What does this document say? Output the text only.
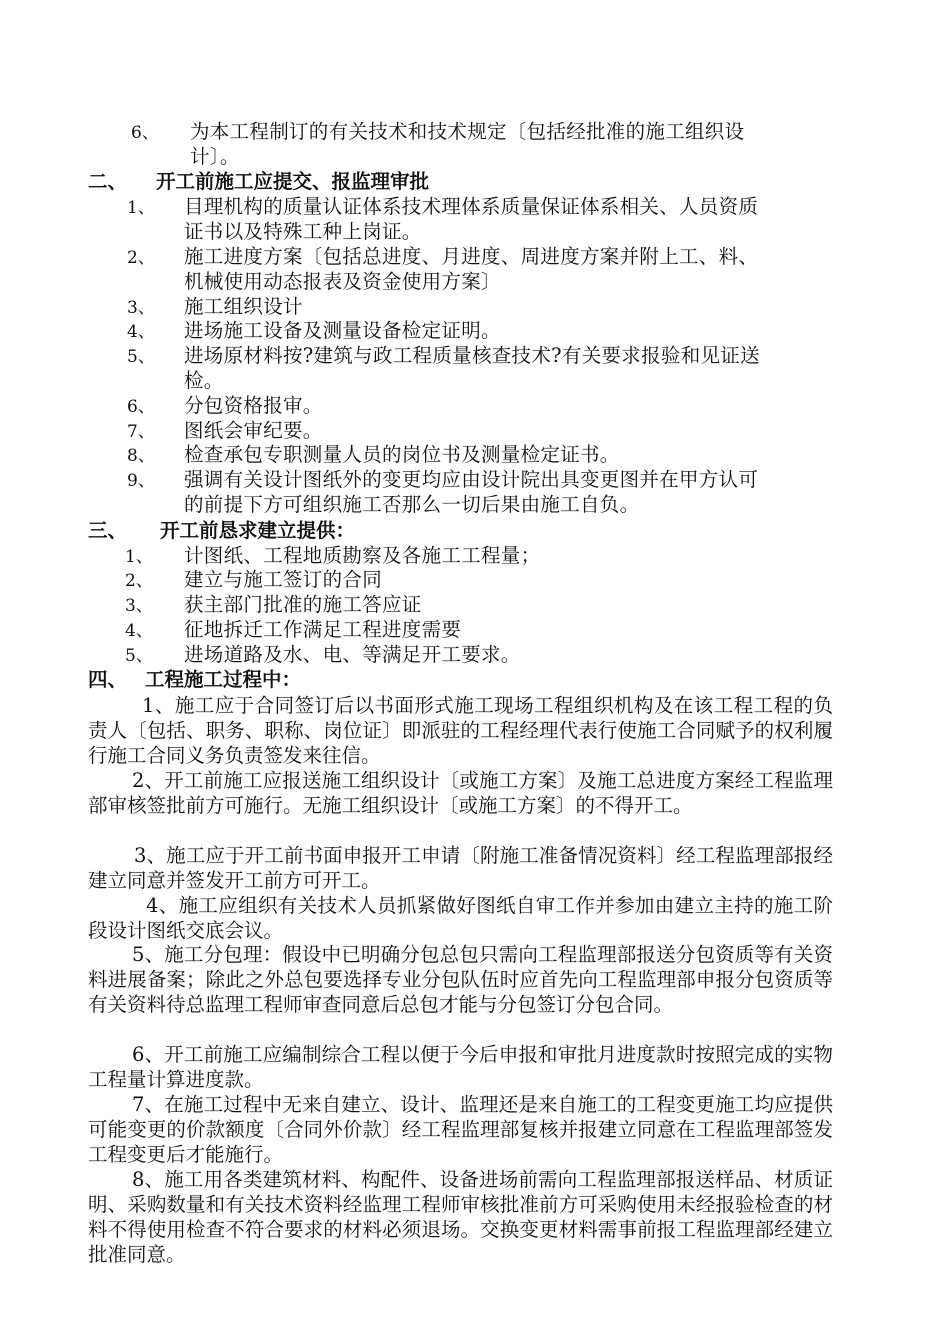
6、 为本工程制订的有关技术和技术规定〔包括经批准的施工组织设
计〕。
二、 开工前施工应提交、报监理审批
1、 目理机构的质量认证体系技术理体系质量保证体系相关、人员资质
证书以及特殊工种上岗证。
2、 施工进度方案〔包括总进度、月进度、周进度方案并附上工、料、
机械使用动态报表及资金使用方案〕
3、 施工组织设计
4、 进场施工设备及测量设备检定证明。
5、 进场原材料按?建筑与政工程质量核查技术?有关要求报验和见证送
检。
6、 分包资格报审。
7、 图纸会审纪要。
8、 检查承包专职测量人员的岗位书及测量检定证书。
9、 强调有关设计图纸外的变更均应由设计院出具变更图并在甲方认可
的前提下方可组织施工否那么一切后果由施工自负。
三、 开工前恳求建立提供：
1、 计图纸、工程地质勘察及各施工工程量；
2、 建立与施工签订的合同
3、 获主部门批准的施工答应证
4、 征地拆迁工作满足工程进度需要
5、 进场道路及水、电、等满足开工要求。
四、 工程施工过程中：
1、施工应于合同签订后以书面形式施工现场工程组织机构及在该工程工程的负责人〔包括、职务、职称、岗位证〕即派驻的工程经理代表行使施工合同赋予的权利履行施工合同义务负责签发来往信。
2、开工前施工应报送施工组织设计〔或施工方案〕及施工总进度方案经工程监理部审核签批前方可施行。无施工组织设计〔或施工方案〕的不得开工。
3、施工应于开工前书面申报开工申请〔附施工准备情况资料〕经工程监理部报经建立同意并签发开工前方可开工。
4、施工应组织有关技术人员抓紧做好图纸自审工作并参加由建立主持的施工阶段设计图纸交底会议。
5、施工分包理：假设中已明确分包总包只需向工程监理部报送分包资质等有关资料进展备案；除此之外总包要选择专业分包队伍时应首先向工程监理部申报分包资质等有关资料待总监理工程师审查同意后总包才能与分包签订分包合同。
6、开工前施工应编制综合工程以便于今后申报和审批月进度款时按照完成的实物工程量计算进度款。
7、在施工过程中无来自建立、设计、监理还是来自施工的工程变更施工均应提供可能变更的价款额度〔合同外价款〕经工程监理部复核并报建立同意在工程监理部签发工程变更后才能施行。
8、施工用各类建筑材料、构配件、设备进场前需向工程监理部报送样品、材质证明、采购数量和有关技术资料经监理工程师审核批准前方可采购使用未经报验检查的材料不得使用检查不符合要求的材料必须退场。交换变更材料需事前报工程监理部经建立批准同意。
